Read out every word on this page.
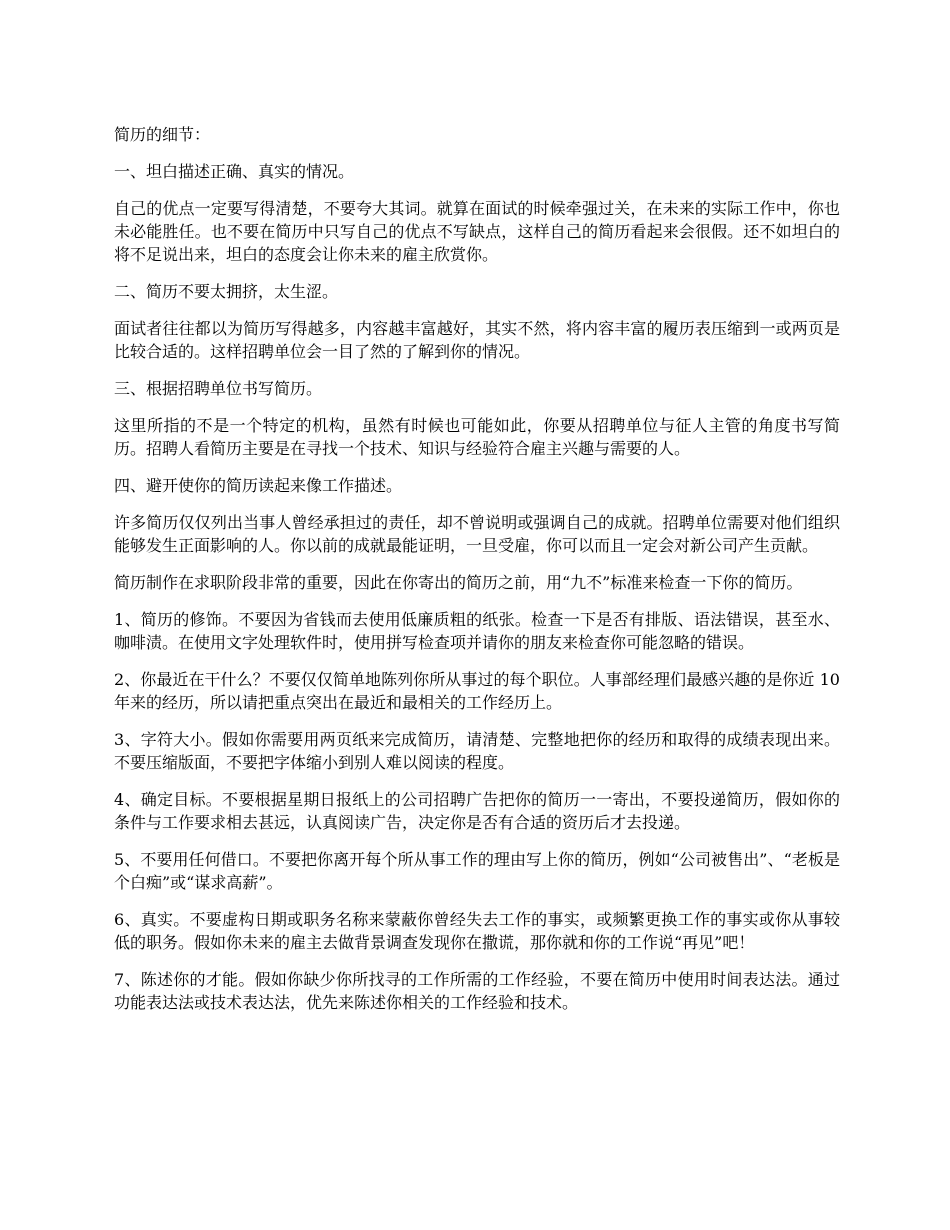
简历的细节：

一、坦白描述正确、真实的情况。

自己的优点一定要写得清楚，不要夸大其词。就算在面试的时候牵强过关，在未来的实际工作中，你也未必能胜任。也不要在简历中只写自己的优点不写缺点，这样自己的简历看起来会很假。还不如坦白的将不足说出来，坦白的态度会让你未来的雇主欣赏你。

二、简历不要太拥挤，太生涩。

面试者往往都以为简历写得越多，内容越丰富越好，其实不然，将内容丰富的履历表压缩到一或两页是比较合适的。这样招聘单位会一目了然的了解到你的情况。

三、根据招聘单位书写简历。

这里所指的不是一个特定的机构，虽然有时候也可能如此，你要从招聘单位与征人主管的角度书写简历。招聘人看简历主要是在寻找一个技术、知识与经验符合雇主兴趣与需要的人。

四、避开使你的简历读起来像工作描述。

许多简历仅仅列出当事人曾经承担过的责任，却不曾说明或强调自己的成就。招聘单位需要对他们组织能够发生正面影响的人。你以前的成就最能证明，一旦受雇，你可以而且一定会对新公司产生贡献。

简历制作在求职阶段非常的重要，因此在你寄出的简历之前，用“九不”标准来检查一下你的简历。

1、简历的修饰。不要因为省钱而去使用低廉质粗的纸张。检查一下是否有排版、语法错误，甚至水、咖啡渍。在使用文字处理软件时，使用拼写检查项并请你的朋友来检查你可能忽略的错误。

2、你最近在干什么？不要仅仅简单地陈列你所从事过的每个职位。人事部经理们最感兴趣的是你近 10 年来的经历，所以请把重点突出在最近和最相关的工作经历上。

3、字符大小。假如你需要用两页纸来完成简历，请清楚、完整地把你的经历和取得的成绩表现出来。不要压缩版面，不要把字体缩小到别人难以阅读的程度。

4、确定目标。不要根据星期日报纸上的公司招聘广告把你的简历一一寄出，不要投递简历，假如你的条件与工作要求相去甚远，认真阅读广告，决定你是否有合适的资历后才去投递。

5、不要用任何借口。不要把你离开每个所从事工作的理由写上你的简历，例如“公司被售出”、“老板是个白痴”或“谋求高薪”。

6、真实。不要虚构日期或职务名称来蒙蔽你曾经失去工作的事实，或频繁更换工作的事实或你从事较低的职务。假如你未来的雇主去做背景调查发现你在撒谎，那你就和你的工作说“再见”吧！

7、陈述你的才能。假如你缺少你所找寻的工作所需的工作经验，不要在简历中使用时间表达法。通过功能表达法或技术表达法，优先来陈述你相关的工作经验和技术。
